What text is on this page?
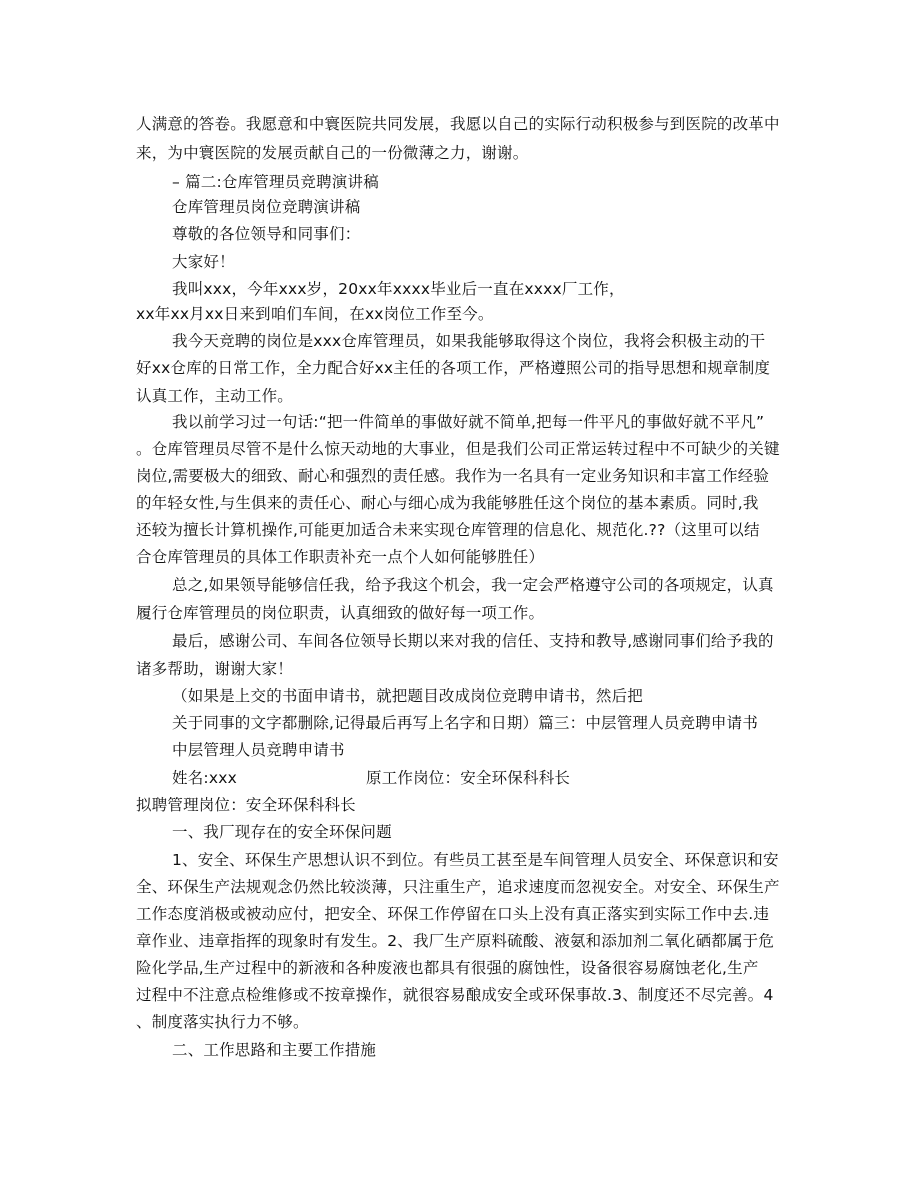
人满意的答卷。我愿意和中寰医院共同发展，我愿以自己的实际行动积极参与到医院的改革中
来，为中寰医院的发展贡献自己的一份微薄之力，谢谢。
– 篇二:仓库管理员竞聘演讲稿
仓库管理员岗位竞聘演讲稿
尊敬的各位领导和同事们：
大家好！
我叫xxx，今年xxx岁，20xx年xxxx毕业后一直在xxxx厂工作，
xx年xx月xx日来到咱们车间，在xx岗位工作至今。
我今天竞聘的岗位是xxx仓库管理员，如果我能够取得这个岗位，我将会积极主动的干
好xx仓库的日常工作，全力配合好xx主任的各项工作，严格遵照公司的指导思想和规章制度
认真工作，主动工作。
我以前学习过一句话:“把一件简单的事做好就不简单,把每一件平凡的事做好就不平凡”
。仓库管理员尽管不是什么惊天动地的大事业，但是我们公司正常运转过程中不可缺少的关键
岗位,需要极大的细致、耐心和强烈的责任感。我作为一名具有一定业务知识和丰富工作经验
的年轻女性,与生俱来的责任心、耐心与细心成为我能够胜任这个岗位的基本素质。同时,我
还较为擅长计算机操作,可能更加适合未来实现仓库管理的信息化、规范化.??（这里可以结
合仓库管理员的具体工作职责补充一点个人如何能够胜任）
总之,如果领导能够信任我，给予我这个机会，我一定会严格遵守公司的各项规定，认真
履行仓库管理员的岗位职责，认真细致的做好每一项工作。
最后，感谢公司、车间各位领导长期以来对我的信任、支持和教导,感谢同事们给予我的
诸多帮助，谢谢大家！
（如果是上交的书面申请书，就把题目改成岗位竞聘申请书，然后把
关于同事的文字都删除,记得最后再写上名字和日期）篇三：中层管理人员竞聘申请书
中层管理人员竞聘申请书
姓名:xxx	原工作岗位：安全环保科科长
拟聘管理岗位：安全环保科科长
一、我厂现存在的安全环保问题
1、安全、环保生产思想认识不到位。有些员工甚至是车间管理人员安全、环保意识和安
全、环保生产法规观念仍然比较淡薄，只注重生产，追求速度而忽视安全。对安全、环保生产
工作态度消极或被动应付，把安全、环保工作停留在口头上没有真正落实到实际工作中去.违
章作业、违章指挥的现象时有发生。2、我厂生产原料硫酸、液氨和添加剂二氧化硒都属于危
险化学品,生产过程中的新液和各种废液也都具有很强的腐蚀性，设备很容易腐蚀老化,生产
过程中不注意点检维修或不按章操作，就很容易酿成安全或环保事故.3、制度还不尽完善。4
、制度落实执行力不够。
二、工作思路和主要工作措施
